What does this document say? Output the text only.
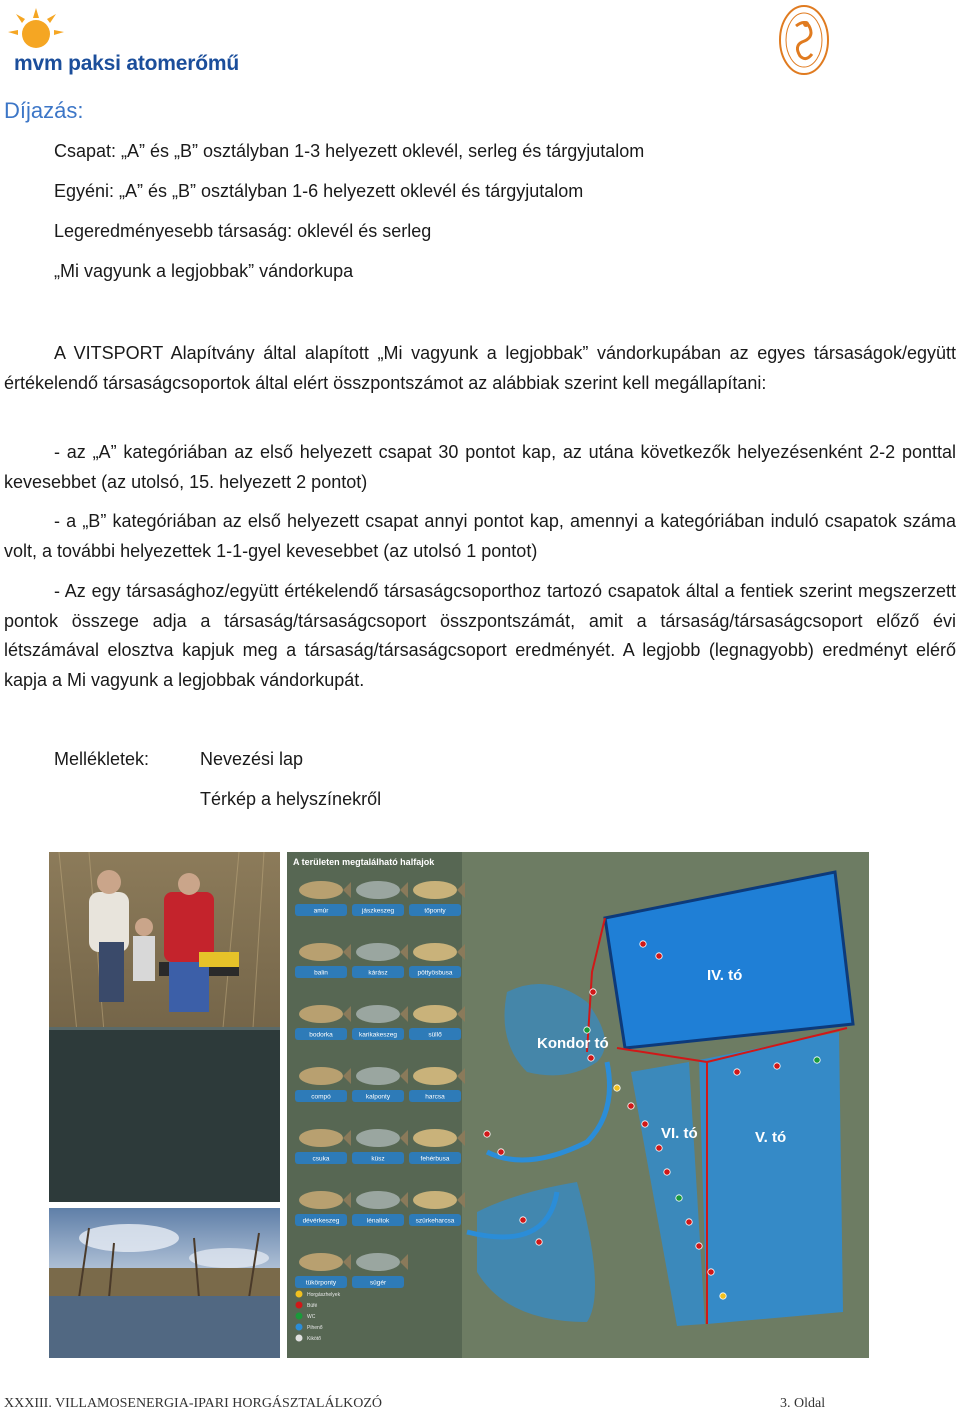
mvm paksi atomerőmű
Díjazás:
Csapat: „A” és „B” osztályban 1-3 helyezett oklevél, serleg és tárgyjutalom
Egyéni: „A” és „B” osztályban 1-6 helyezett oklevél és tárgyjutalom
Legeredményesebb társaság: oklevél és serleg
„Mi vagyunk a legjobbak” vándorkupa
A VITSPORT Alapítvány által alapított „Mi vagyunk a legjobbak” vándorkupában az egyes társaságok/együtt értékelendő társaságcsoportok által elért összpontszámot az alábbiak szerint kell megállapítani:
- az „A” kategóriában az első helyezett csapat 30 pontot kap, az utána következők helyezésenként 2-2 ponttal kevesebbet (az utolsó, 15. helyezett 2 pontot)
- a „B” kategóriában az első helyezett csapat annyi pontot kap, amennyi a kategóriában induló csapatok száma volt, a további helyezettek 1-1-gyel kevesebbet (az utolsó 1 pontot)
- Az egy társasághoz/együtt értékelendő társaságcsoporthoz tartozó csapatok által a fentiek szerint megszerzett pontok összege adja a társaság/társaságcsoport összpontszámát, amit a társaság/társaságcsoport előző évi létszámával elosztva kapjuk meg a társaság/társaságcsoport eredményét. A legjobb (legnagyobb) eredményt elérő kapja a Mi vagyunk a legjobbak vándorkupát.
Mellékletek:	Nevezési lap
Térkép a helyszínekről
A területen megtalálható halfajok
amúr	jászkeszeg	tőponty
balin	kárász	pöttyösbusa
bodorka	karikakeszeg	süllő
compó	kalponty	harcsa
csuka	küsz	fehérbusa
dévérkeszeg	lénaltok	szürkeharcsa
tükörponty	sügér
Horgászhelyek
Büfé
WC
Pihenő
Kikötő
IV. tó
Kondor tó
VI. tó	V. tó
XXXIII. VILLAMOSENERGIA-IPARI HORGÁSZTALÁLKOZÓ	3. Oldal
